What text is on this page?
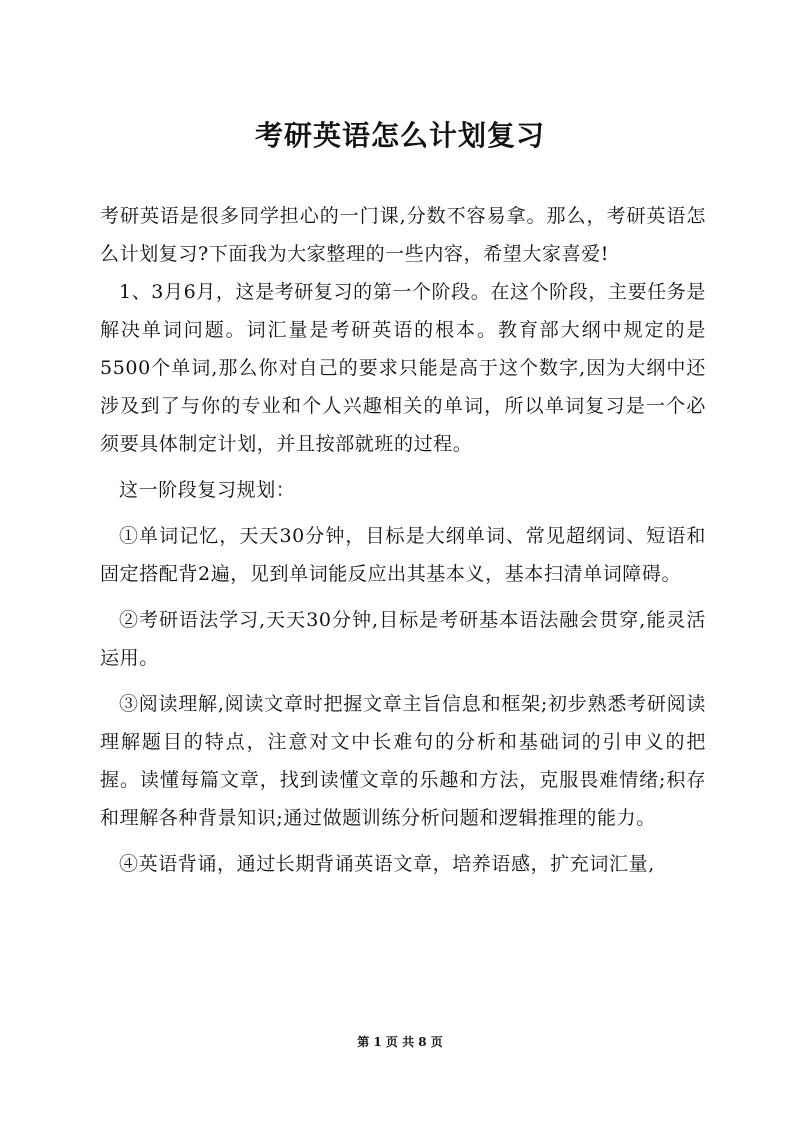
考研英语怎么计划复习

考研英语是很多同学担心的一门课,分数不容易拿。那么，考研英语怎么计划复习?下面我为大家整理的一些内容，希望大家喜爱!

1、3月6月，这是考研复习的第一个阶段。在这个阶段，主要任务是解决单词问题。词汇量是考研英语的根本。教育部大纲中规定的是5500个单词,那么你对自己的要求只能是高于这个数字,因为大纲中还涉及到了与你的专业和个人兴趣相关的单词，所以单词复习是一个必须要具体制定计划，并且按部就班的过程。

这一阶段复习规划：

①单词记忆，天天30分钟，目标是大纲单词、常见超纲词、短语和固定搭配背2遍，见到单词能反应出其基本义，基本扫清单词障碍。

②考研语法学习,天天30分钟,目标是考研基本语法融会贯穿,能灵活运用。

③阅读理解,阅读文章时把握文章主旨信息和框架;初步熟悉考研阅读理解题目的特点，注意对文中长难句的分析和基础词的引申义的把握。读懂每篇文章，找到读懂文章的乐趣和方法，克服畏难情绪;积存和理解各种背景知识;通过做题训练分析问题和逻辑推理的能力。

④英语背诵，通过长期背诵英语文章，培养语感，扩充词汇量,

第 1 页 共 8 页
